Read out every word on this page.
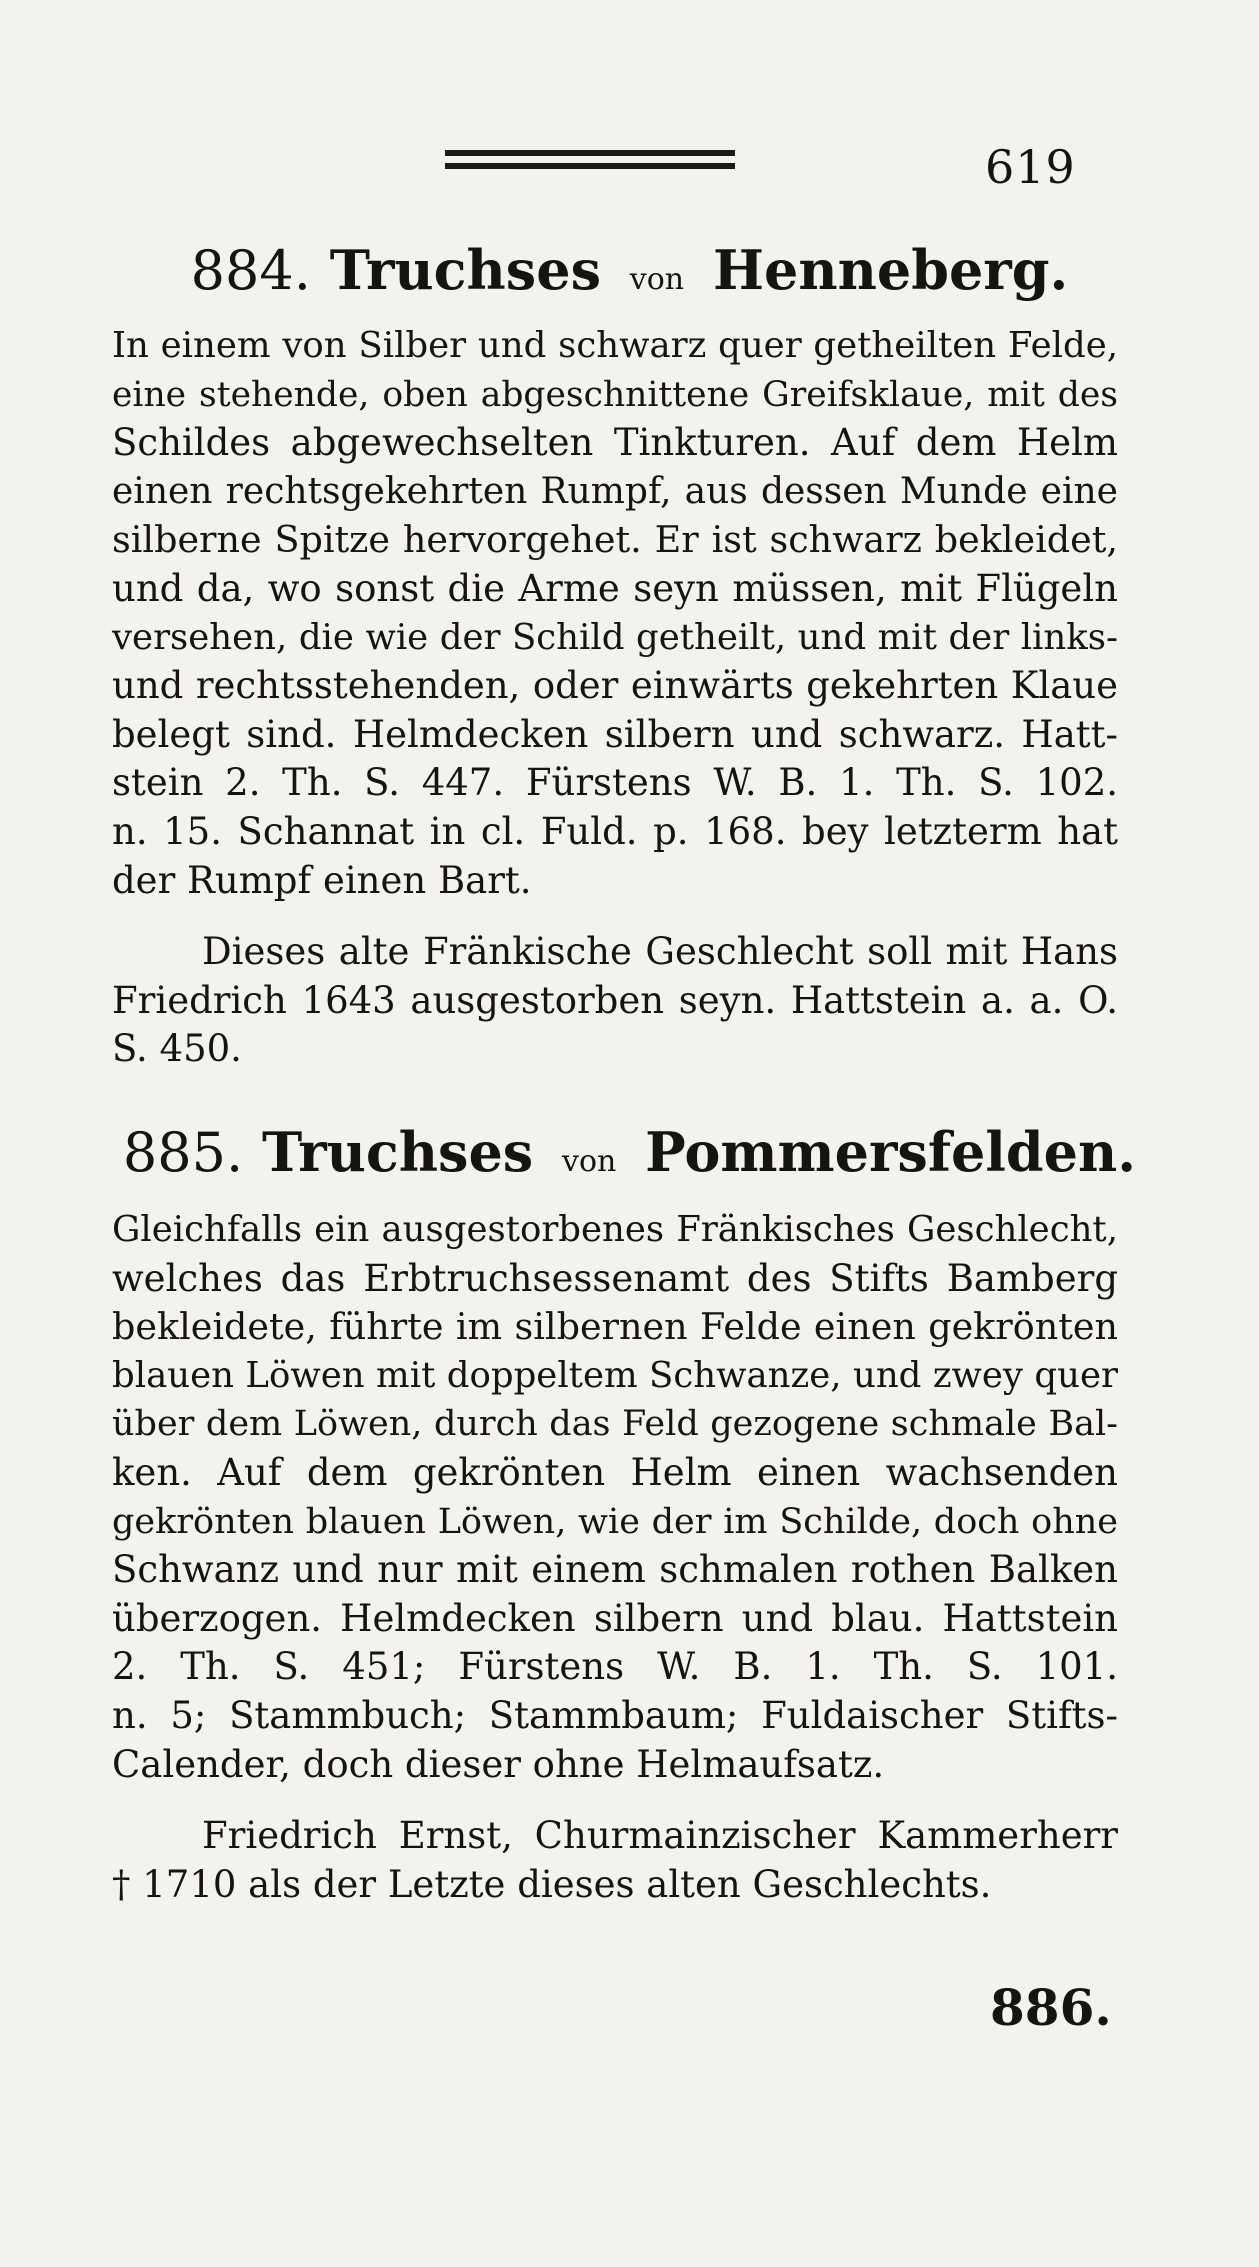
619
884. Truchses von Henneberg.
In einem von Silber und schwarz quer getheilten Felde,
eine stehende, oben abgeschnittene Greifsklaue, mit des
Schildes abgewechselten Tinkturen. Auf dem Helm
einen rechtsgekehrten Rumpf, aus dessen Munde eine
silberne Spitze hervorgehet. Er ist schwarz bekleidet,
und da, wo sonst die Arme seyn müssen, mit Flügeln
versehen, die wie der Schild getheilt, und mit der links-
und rechtsstehenden, oder einwärts gekehrten Klaue
belegt sind. Helmdecken silbern und schwarz. Hatt-
stein 2. Th. S. 447. Fürstens W. B. 1. Th. S. 102.
n. 15. Schannat in cl. Fuld. p. 168. bey letzterm hat
der Rumpf einen Bart.
Dieses alte Fränkische Geschlecht soll mit Hans
Friedrich 1643 ausgestorben seyn. Hattstein a. a. O.
S. 450.
885. Truchses von Pommersfelden.
Gleichfalls ein ausgestorbenes Fränkisches Geschlecht,
welches das Erbtruchsessenamt des Stifts Bamberg
bekleidete, führte im silbernen Felde einen gekrönten
blauen Löwen mit doppeltem Schwanze, und zwey quer
über dem Löwen, durch das Feld gezogene schmale Bal-
ken. Auf dem gekrönten Helm einen wachsenden
gekrönten blauen Löwen, wie der im Schilde, doch ohne
Schwanz und nur mit einem schmalen rothen Balken
überzogen. Helmdecken silbern und blau. Hattstein
2. Th. S. 451; Fürstens W. B. 1. Th. S. 101.
n. 5; Stammbuch; Stammbaum; Fuldaischer Stifts-
Calender, doch dieser ohne Helmaufsatz.
Friedrich Ernst, Churmainzischer Kammerherr
† 1710 als der Letzte dieses alten Geschlechts.
886.
